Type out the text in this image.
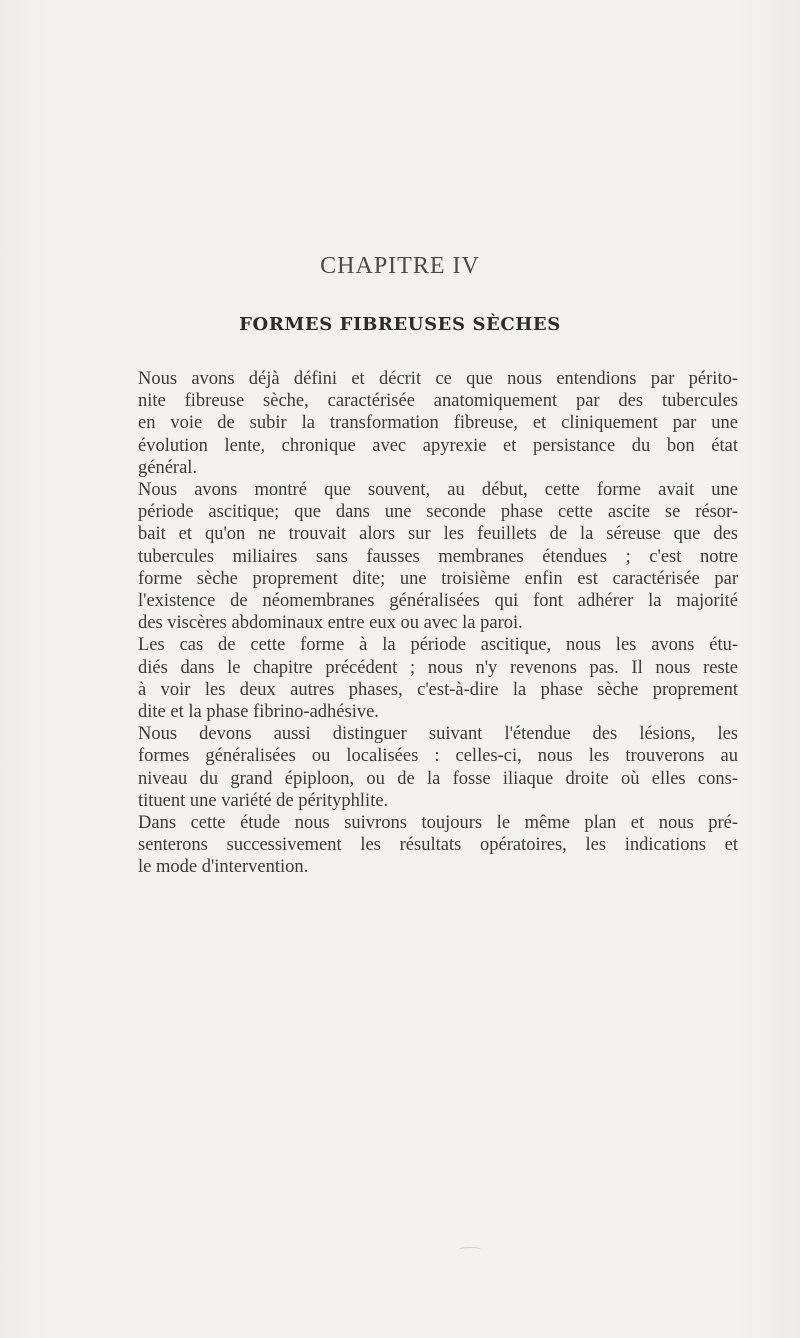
CHAPITRE IV
FORMES FIBREUSES SÈCHES

Nous avons déjà défini et décrit ce que nous entendions par périto-
nite fibreuse sèche, caractérisée anatomiquement par des tubercules
en voie de subir la transformation fibreuse, et cliniquement par une
évolution lente, chronique avec apyrexie et persistance du bon état
général.

Nous avons montré que souvent, au début, cette forme avait une
période ascitique; que dans une seconde phase cette ascite se résor-
bait et qu'on ne trouvait alors sur les feuillets de la séreuse que des
tubercules miliaires sans fausses membranes étendues ; c'est notre
forme sèche proprement dite; une troisième enfin est caractérisée par
l'existence de néomembranes généralisées qui font adhérer la majorité
des viscères abdominaux entre eux ou avec la paroi.

Les cas de cette forme à la période ascitique, nous les avons étu-
diés dans le chapitre précédent ; nous n'y revenons pas. Il nous reste
à voir les deux autres phases, c'est-à-dire la phase sèche proprement
dite et la phase fibrino-adhésive.

Nous devons aussi distinguer suivant l'étendue des lésions, les
formes généralisées ou localisées : celles-ci, nous les trouverons au
niveau du grand épiploon, ou de la fosse iliaque droite où elles cons-
tituent une variété de pérityphlite.

Dans cette étude nous suivrons toujours le même plan et nous pré-
senterons successivement les résultats opératoires, les indications et
le mode d'intervention.
